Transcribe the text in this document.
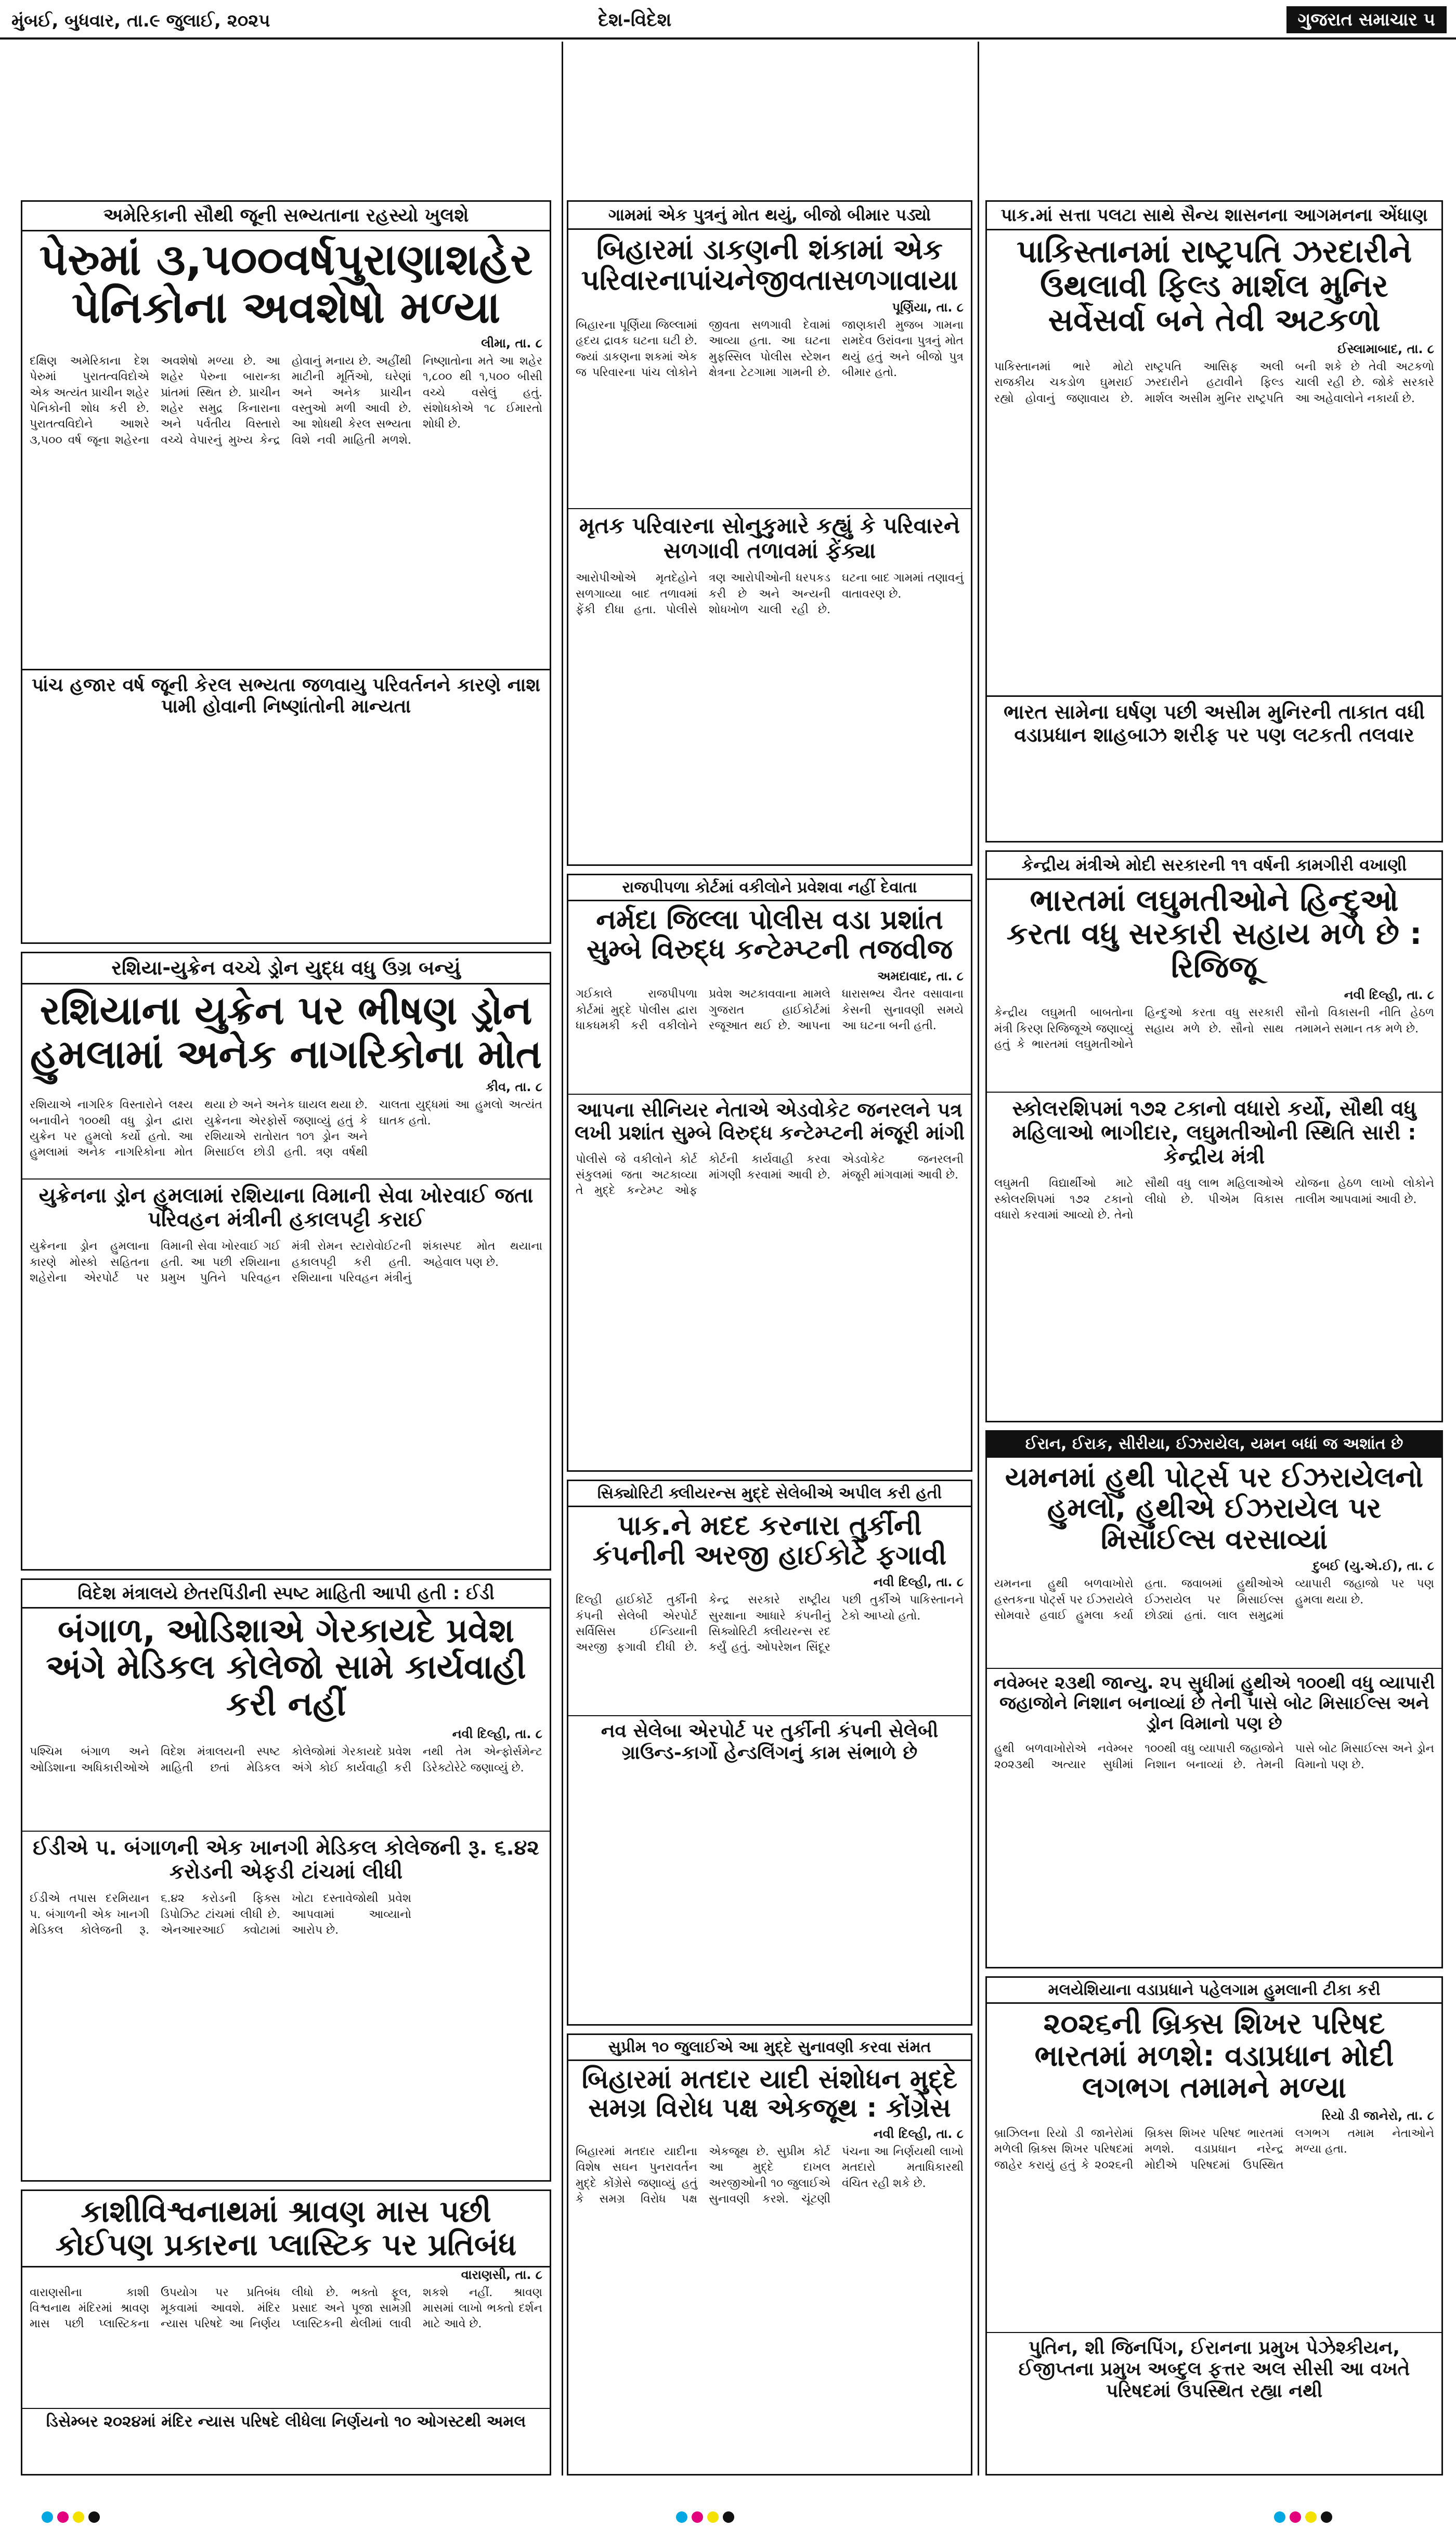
મુંબઈ, બુધવાર, તા.૯ જુલાઈ, ૨૦૨૫	દેશ-વિદેશ	ગુજરાત સમાચાર ૫
અમેરિકાની સૌથી જૂની સભ્યતાના રહસ્યો ખુલશે
પેરુમાં ૩,૫૦૦વર્ષપુરાણાશહેર પેનિકોના અવશેષો મળ્યા
લીમા, તા. ૮
દક્ષિણ અમેરિકાના દેશ પેરુમાં પુરાતત્વવિદોએ એક અત્યંત પ્રાચીન શહેર પેનિકોની શોધ કરી છે. પુરાતત્વવિદોને આશરે ૩,૫૦૦ વર્ષ જૂના શહેરના અવશેષો મળ્યા છે. આ શહેર પેરુના બારાન્કા પ્રાંતમાં સ્થિત છે. પ્રાચીન શહેર સમુદ્ર કિનારાના અને પર્વતીય વિસ્તારો વચ્ચે વેપારનું મુખ્ય કેન્દ્ર હોવાનું મનાય છે. અહીંથી માટીની મૂર્તિઓ, ઘરેણાં અને અનેક પ્રાચીન વસ્તુઓ મળી આવી છે. આ શોધથી કેરલ સભ્યતા વિશે નવી માહિતી મળશે. નિષ્ણાતોના મતે આ શહેર ૧,૮૦૦ થી ૧,૫૦૦ બીસી વચ્ચે વસેલું હતું. સંશોધકોએ ૧૮ ઈમારતો શોધી છે.
પાંચ હજાર વર્ષ જૂની કેરલ સભ્યતા જળવાયુ પરિવર્તનને કારણે નાશ પામી હોવાની નિષ્ણાંતોની માન્યતા
રશિયા-યુક્રેન વચ્ચે ડ્રોન યુદ્ધ વધુ ઉગ્ર બન્યું
રશિયાના યુક્રેન પર ભીષણ ડ્રોન હુમલામાં અનેક નાગરિકોના મોત
કીવ, તા. ૮
રશિયાએ નાગરિક વિસ્તારોને લક્ષ્ય બનાવીને ૧૦૦થી વધુ ડ્રોન દ્વારા યુક્રેન પર હુમલો કર્યો હતો. આ હુમલામાં અનેક નાગરિકોના મોત થયા છે અને અનેક ઘાયલ થયા છે. યુક્રેનના એરફોર્સે જણાવ્યું હતું કે રશિયાએ રાતોરાત ૧૦૧ ડ્રોન અને મિસાઈલ છોડી હતી. ત્રણ વર્ષથી ચાલતા યુદ્ધમાં આ હુમલો અત્યંત ઘાતક હતો.
યુક્રેનના ડ્રોન હુમલામાં રશિયાના વિમાની સેવા ખોરવાઈ જતા પરિવહન મંત્રીની હકાલપટ્ટી કરાઈ
યુક્રેનના ડ્રોન હુમલાના કારણે મોસ્કો સહિતના શહેરોના એરપોર્ટ પર વિમાની સેવા ખોરવાઈ ગઈ હતી. આ પછી રશિયાના પ્રમુખ પુતિને પરિવહન મંત્રી રોમન સ્ટારોવોઈટની હકાલપટ્ટી કરી હતી. રશિયાના પરિવહન મંત્રીનું શંકાસ્પદ મોત થયાના અહેવાલ પણ છે.
વિદેશ મંત્રાલયે છેતરપિંડીની સ્પષ્ટ માહિતી આપી હતી : ઈડી
બંગાળ, ઓડિશાએ ગેરકાયદે પ્રવેશ અંગે મેડિકલ કોલેજો સામે કાર્યવાહી કરી નહીં
નવી દિલ્હી, તા. ૮
પશ્ચિમ બંગાળ અને ઓડિશાના અધિકારીઓએ વિદેશ મંત્રાલયની સ્પષ્ટ માહિતી છતાં મેડિકલ કોલેજોમાં ગેરકાયદે પ્રવેશ અંગે કોઈ કાર્યવાહી કરી નથી તેમ એન્ફોર્સમેન્ટ ડિરેક્ટોરેટે જણાવ્યું છે.
ઈડીએ પ. બંગાળની એક ખાનગી મેડિકલ કોલેજની રૂ. ૬.૪૨ કરોડની એફડી ટાંચમાં લીધી
ઈડીએ તપાસ દરમિયાન પ. બંગાળની એક ખાનગી મેડિકલ કોલેજની રૂ. ૬.૪૨ કરોડની ફિક્સ ડિપોઝિટ ટાંચમાં લીધી છે. એનઆરઆઈ ક્વોટામાં ખોટા દસ્તાવેજોથી પ્રવેશ આપવામાં આવ્યાનો આરોપ છે.
કાશીવિશ્વનાથમાં શ્રાવણ માસ પછી કોઈપણ પ્રકારના પ્લાસ્ટિક પર પ્રતિબંધ
વારાણસી, તા. ૮
વારાણસીના કાશી વિશ્વનાથ મંદિરમાં શ્રાવણ માસ પછી પ્લાસ્ટિકના ઉપયોગ પર પ્રતિબંધ મૂકવામાં આવશે. મંદિર ન્યાસ પરિષદે આ નિર્ણય લીધો છે. ભક્તો ફૂલ, પ્રસાદ અને પૂજા સામગ્રી પ્લાસ્ટિકની થેલીમાં લાવી શકશે નહીં. શ્રાવણ માસમાં લાખો ભક્તો દર્શન માટે આવે છે.
ડિસેમ્બર ૨૦૨૪માં મંદિર ન્યાસ પરિષદે લીધેલા નિર્ણયનો ૧૦ ઓગસ્ટથી અમલ
ગામમાં એક પુત્રનું મોત થયું, બીજો બીમાર પડ્યો
બિહારમાં ડાકણની શંકામાં એક પરિવારનાપાંચનેજીવતાસળગાવાયા
પૂર્ણિયા, તા. ૮
બિહારના પૂર્ણિયા જિલ્લામાં હૃદય દ્રાવક ઘટના ઘટી છે. જ્યાં ડાકણના શકમાં એક જ પરિવારના પાંચ લોકોને જીવતા સળગાવી દેવામાં આવ્યા હતા. આ ઘટના મુફસ્સિલ પોલીસ સ્ટેશન ક્ષેત્રના ટેટગામા ગામની છે. જાણકારી મુજબ ગામના રામદેવ ઉરાંવના પુત્રનું મોત થયું હતું અને બીજો પુત્ર બીમાર હતો.
મૃતક પરિવારના સોનુકુમારે કહ્યું કે પરિવારને સળગાવી તળાવમાં ફેંક્યા
આરોપીઓએ મૃતદેહોને સળગાવ્યા બાદ તળાવમાં ફેંકી દીધા હતા. પોલીસે ત્રણ આરોપીઓની ધરપકડ કરી છે અને અન્યની શોધખોળ ચાલી રહી છે. ઘટના બાદ ગામમાં તણાવનું વાતાવરણ છે.
રાજપીપળા કોર્ટમાં વકીલોને પ્રવેશવા નહીં દેવાતા
નર્મદા જિલ્લા પોલીસ વડા પ્રશાંત સુમ્બે વિરુદ્ધ કન્ટેમ્પ્ટની તજવીજ
અમદાવાદ, તા. ૮
ગઈકાલે રાજપીપળા કોર્ટમાં મુદ્દે પોલીસ દ્વારા ધાકધમકી કરી વકીલોને પ્રવેશ અટકાવવાના મામલે ગુજરાત હાઈકોર્ટમાં રજૂઆત થઈ છે. આપના ધારાસભ્ય ચૈતર વસાવાના કેસની સુનાવણી સમયે આ ઘટના બની હતી.
આપના સીનિયર નેતાએ એડવોકેટ જનરલને પત્ર લખી પ્રશાંત સુમ્બે વિરુદ્ધ કન્ટેમ્પ્ટની મંજૂરી માંગી
પોલીસે જે વકીલોને કોર્ટ સંકુલમાં જતા અટકાવ્યા તે મુદ્દે કન્ટેમ્પ્ટ ઓફ કોર્ટની કાર્યવાહી કરવા માંગણી કરવામાં આવી છે. એડવોકેટ જનરલની મંજૂરી માંગવામાં આવી છે.
સિક્યોરિટી ક્લીયરન્સ મુદ્દે સેલેબીએ અપીલ કરી હતી
પાક.ને મદદ કરનારા તુર્કીની કંપનીની અરજી હાઈકોર્ટે ફગાવી
નવી દિલ્હી, તા. ૮
દિલ્હી હાઈકોર્ટે તુર્કીની કંપની સેલેબી એરપોર્ટ સર્વિસિસ ઈન્ડિયાની અરજી ફગાવી દીધી છે. કેન્દ્ર સરકારે રાષ્ટ્રીય સુરક્ષાના આધારે કંપનીનું સિક્યોરિટી ક્લીયરન્સ રદ કર્યું હતું. ઓપરેશન સિંદૂર પછી તુર્કીએ પાકિસ્તાનને ટેકો આપ્યો હતો.
નવ સેલેબા એરપોર્ટ પર તુર્કીની કંપની સેલેબી ગ્રાઉન્ડ-કાર્ગો હેન્ડલિંગનું કામ સંભાળે છે
સુપ્રીમ ૧૦ જુલાઈએ આ મુદ્દે સુનાવણી કરવા સંમત
બિહારમાં મતદાર યાદી સંશોધન મુદ્દે સમગ્ર વિરોધ પક્ષ એકજૂથ : કોંગ્રેસ
નવી દિલ્હી, તા. ૮
બિહારમાં મતદાર યાદીના વિશેષ સઘન પુનરાવર્તન મુદ્દે કોંગ્રેસે જણાવ્યું હતું કે સમગ્ર વિરોધ પક્ષ એકજૂથ છે. સુપ્રીમ કોર્ટ આ મુદ્દે દાખલ અરજીઓની ૧૦ જુલાઈએ સુનાવણી કરશે. ચૂંટણી પંચના આ નિર્ણયથી લાખો મતદારો મતાધિકારથી વંચિત રહી શકે છે.
પાક.માં સત્તા પલટા સાથે સૈન્ય શાસનના આગમનના એંધાણ
પાકિસ્તાનમાં રાષ્ટ્રપતિ ઝરદારીને ઉથલાવી ફિલ્ડ માર્શલ મુનિર સર્વેસર્વા બને તેવી અટકળો
ઈસ્લામાબાદ, તા. ૮
પાકિસ્તાનમાં ભારે મોટો રાજકીય ચકડોળ ઘુમરાઈ રહ્યો હોવાનું જણાવાય છે. રાષ્ટ્રપતિ આસિફ અલી ઝરદારીને હટાવીને ફિલ્ડ માર્શલ અસીમ મુનિર રાષ્ટ્રપતિ બની શકે છે તેવી અટકળો ચાલી રહી છે. જોકે સરકારે આ અહેવાલોને નકાર્યા છે.
ભારત સામેના ઘર્ષણ પછી અસીમ મુનિરની તાકાત વધી વડાપ્રધાન શાહબાઝ શરીફ પર પણ લટકતી તલવાર
કેન્દ્રીય મંત્રીએ મોદી સરકારની ૧૧ વર્ષની કામગીરી વખાણી
ભારતમાં લઘુમતીઓને હિન્દુઓ કરતા વધુ સરકારી સહાય મળે છે : રિજિજૂ
નવી દિલ્હી, તા. ૮
કેન્દ્રીય લઘુમતી બાબતોના મંત્રી કિરણ રિજિજૂએ જણાવ્યું હતું કે ભારતમાં લઘુમતીઓને હિન્દુઓ કરતા વધુ સરકારી સહાય મળે છે. સૌનો સાથ સૌનો વિકાસની નીતિ હેઠળ તમામને સમાન તક મળે છે.
સ્કોલરશિપમાં ૧૭૨ ટકાનો વધારો કર્યો, સૌથી વધુ મહિલાઓ ભાગીદાર, લઘુમતીઓની સ્થિતિ સારી : કેન્દ્રીય મંત્રી
લઘુમતી વિદ્યાર્થીઓ માટે સ્કોલરશિપમાં ૧૭૨ ટકાનો વધારો કરવામાં આવ્યો છે. તેનો સૌથી વધુ લાભ મહિલાઓએ લીધો છે. પીએમ વિકાસ યોજના હેઠળ લાખો લોકોને તાલીમ આપવામાં આવી છે.
ઈરાન, ઈરાક, સીરીયા, ઈઝરાયેલ, યમન બધાં જ અશાંત છે
યમનમાં હુથી પોર્ટ્સ પર ઈઝરાયેલનો હુમલો, હુથીએ ઈઝરાયેલ પર મિસાઈલ્સ વરસાવ્યાં
દુબઈ (યુ.એ.ઈ), તા. ૮
યમનના હુથી બળવાખોરો હસ્તકના પોર્ટ્સ પર ઈઝરાયેલે સોમવારે હવાઈ હુમલા કર્યા હતા. જવાબમાં હુથીઓએ ઈઝરાયેલ પર મિસાઈલ્સ છોડ્યાં હતાં. લાલ સમુદ્રમાં વ્યાપારી જહાજો પર પણ હુમલા થયા છે.
નવેમ્બર ૨૩થી જાન્યુ. ૨૫ સુધીમાં હુથીએ ૧૦૦થી વધુ વ્યાપારી જહાજોને નિશાન બનાવ્યાં છે તેની પાસે બોટ મિસાઈલ્સ અને ડ્રોન વિમાનો પણ છે
હુથી બળવાખોરોએ નવેમ્બર ૨૦૨૩થી અત્યાર સુધીમાં ૧૦૦થી વધુ વ્યાપારી જહાજોને નિશાન બનાવ્યાં છે. તેમની પાસે બોટ મિસાઈલ્સ અને ડ્રોન વિમાનો પણ છે.
મલયેશિયાના વડાપ્રધાને પહેલગામ હુમલાની ટીકા કરી
૨૦૨૬ની બ્રિક્સ શિખર પરિષદ ભારતમાં મળશે: વડાપ્રધાન મોદી લગભગ તમામને મળ્યા
રિયો ડી જાનેરો, તા. ૮
બ્રાઝિલના રિયો ડી જાનેરોમાં મળેલી બ્રિક્સ શિખર પરિષદમાં જાહેર કરાયું હતું કે ૨૦૨૬ની બ્રિક્સ શિખર પરિષદ ભારતમાં મળશે. વડાપ્રધાન નરેન્દ્ર મોદીએ પરિષદમાં ઉપસ્થિત લગભગ તમામ નેતાઓને મળ્યા હતા.
પુતિન, શી જિનપિંગ, ઈરાનના પ્રમુખ પેઝેશ્કીયન, ઈજીપ્તના પ્રમુખ અબ્દુલ ફત્તર અલ સીસી આ વખતે પરિષદમાં ઉપસ્થિત રહ્યા નથી
